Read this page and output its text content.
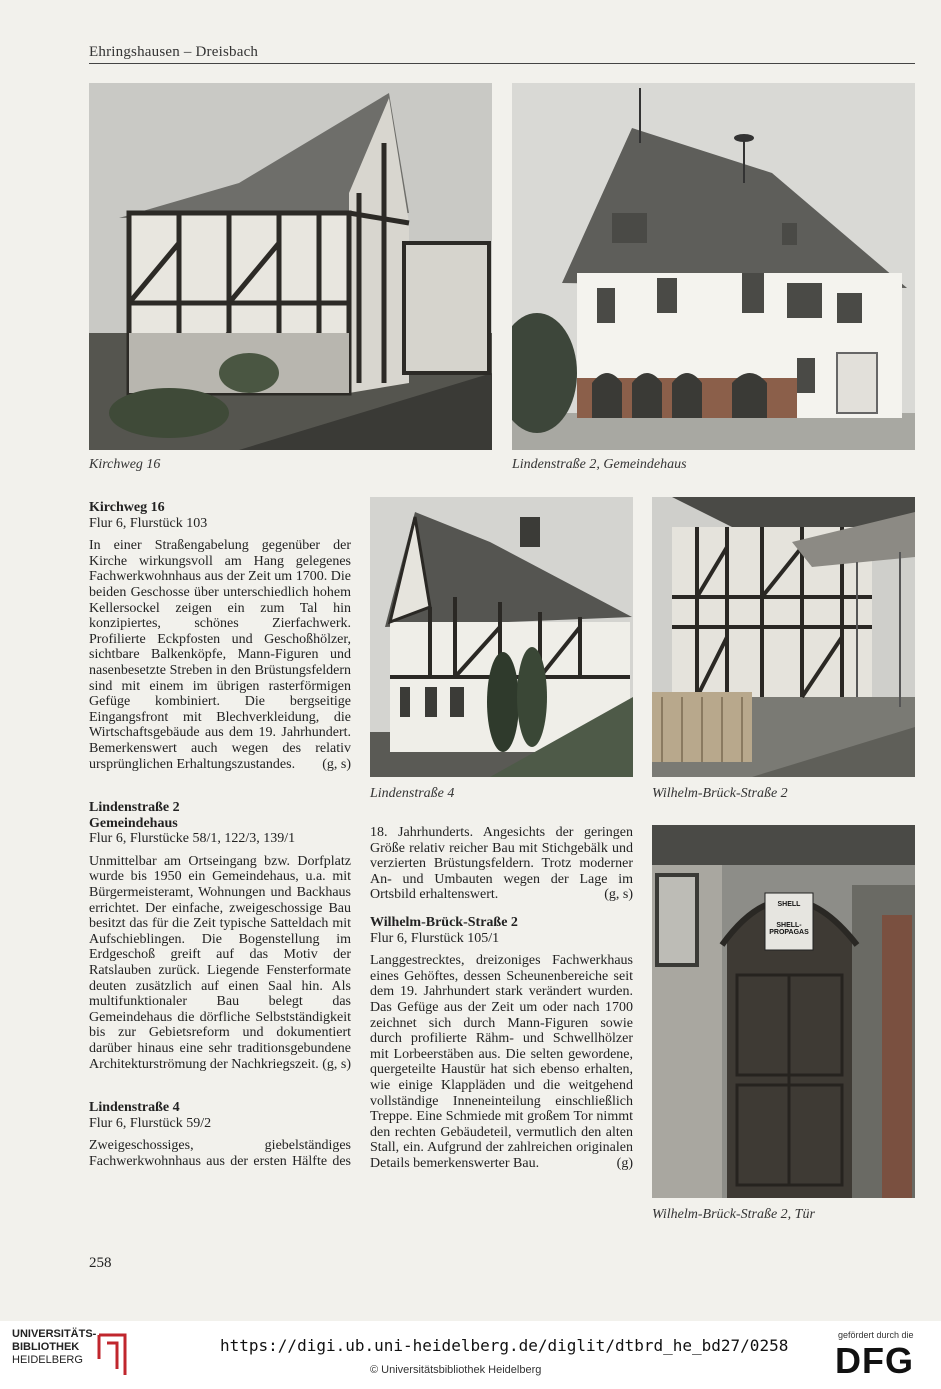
Ehringshausen – Dreisbach
Kirchweg 16	Lindenstraße 2, Gemeindehaus
Lindenstraße 4	Wilhelm-Brück-Straße 2
SHELL
SHELL-
PROPAGAS
Wilhelm-Brück-Straße 2, Tür
Kirchweg 16
Flur 6, Flurstück 103

In einer Straßengabelung gegenüber der Kirche wirkungsvoll am Hang gelegenes Fachwerkwohnhaus aus der Zeit um 1700. Die beiden Geschosse über unterschiedlich hohem Kellersockel zeigen ein zum Tal hin konzipiertes, schönes Zierfachwerk. Profilierte Eckpfosten und Geschoßhölzer, sichtbare Balkenköpfe, Mann-Figuren und nasenbesetzte Streben in den Brüstungsfeldern sind mit einem im übrigen rasterförmigen Gefüge kombiniert. Die bergseitige Eingangsfront mit Blechverkleidung, die Wirtschaftsgebäude aus dem 19. Jahrhundert. Bemerkenswert auch wegen des relativ ursprünglichen Erhaltungszustandes. (g, s)

Lindenstraße 2
Gemeindehaus
Flur 6, Flurstücke 58/1, 122/3, 139/1

Unmittelbar am Ortseingang bzw. Dorfplatz wurde bis 1950 ein Gemeindehaus, u.a. mit Bürgermeisteramt, Wohnungen und Backhaus errichtet. Der einfache, zweigeschossige Bau besitzt das für die Zeit typische Satteldach mit Aufschieblingen. Die Bogenstellung im Erdgeschoß greift auf das Motiv der Ratslauben zurück. Liegende Fensterformate deuten zusätzlich auf einen Saal hin. Als multifunktionaler Bau belegt das Gemeindehaus die dörfliche Selbstständigkeit bis zur Gebietsreform und dokumentiert darüber hinaus eine sehr traditionsgebundene Architekturströmung der Nachkriegszeit. (g, s)

Lindenstraße 4
Flur 6, Flurstück 59/2

Zweigeschossiges, giebelständiges Fachwerkwohnhaus aus der ersten Hälfte des

18. Jahrhunderts. Angesichts der geringen Größe relativ reicher Bau mit Stichgebälk und verzierten Brüstungsfeldern. Trotz moderner An- und Umbauten wegen der Lage im Ortsbild erhaltenswert.	(g, s)

Wilhelm-Brück-Straße 2
Flur 6, Flurstück 105/1

Langgestrecktes, dreizoniges Fachwerkhaus eines Gehöftes, dessen Scheunenbereiche seit dem 19. Jahrhundert stark verändert wurden. Das Gefüge aus der Zeit um oder nach 1700 zeichnet sich durch Mann-Figuren sowie durch profilierte Rähm- und Schwellhölzer mit Lorbeerstäben aus. Die selten gewordene, quergeteilte Haustür hat sich ebenso erhalten, wie einige Klappläden und die weitgehend vollständige Inneneinteilung einschließlich Treppe. Eine Schmiede mit großem Tor nimmt den rechten Gebäudeteil, vermutlich den alten Stall, ein. Aufgrund der zahlreichen originalen Details bemerkenswerter Bau.	(g)

258
UNIVERSITÄTS-
BIBLIOTHEK
HEIDELBERG
https://digi.ub.uni-heidelberg.de/diglit/dtbrd_he_bd27/0258
© Universitätsbibliothek Heidelberg
gefördert durch die
DFG
